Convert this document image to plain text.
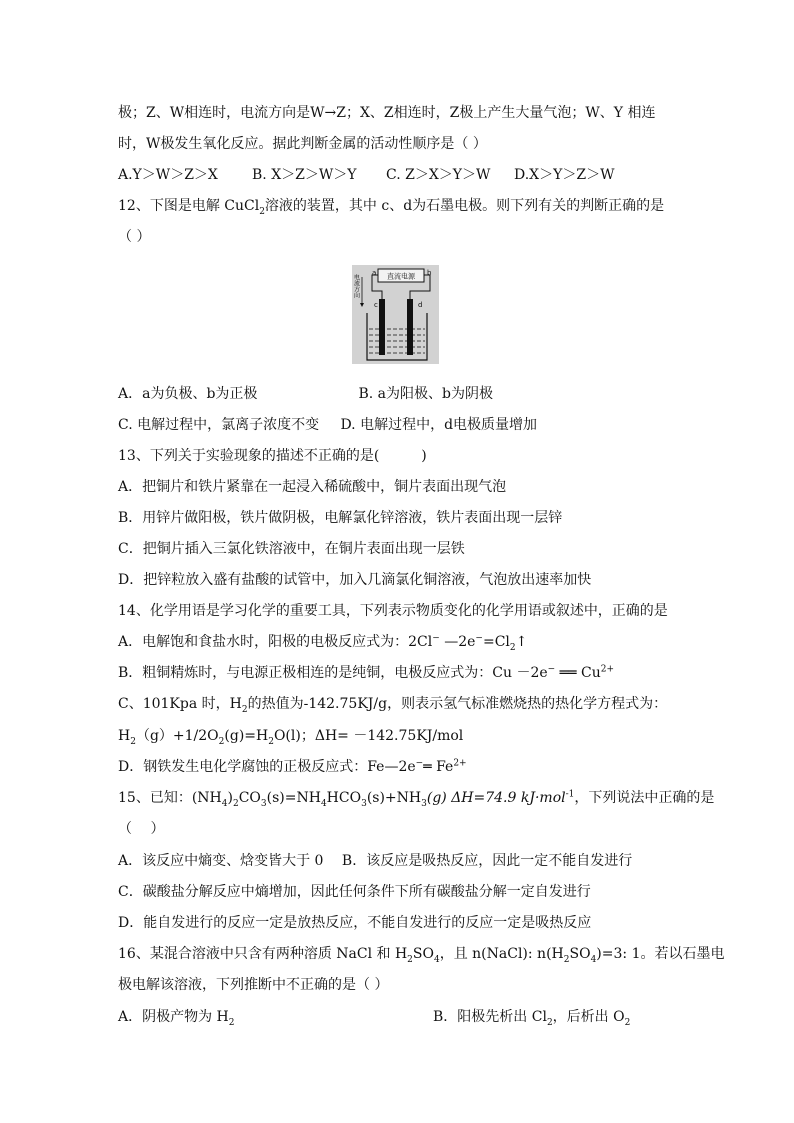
极；Z、W相连时，电流方向是W→Z；X、Z相连时，Z极上产生大量气泡；W、Y 相连
时，W极发生氧化反应。据此判断金属的活动性顺序是（ ）
A.Y＞W＞Z＞X	B. X＞Z＞W＞Y	C. Z＞X＞Y＞W	D.X＞Y＞Z＞W
12、下图是电解 CuCl$_2$溶液的装置，其中 c、d为石墨电极。则下列有关的判断正确的是
（ ）
电流方向	直流电源
a	b
c	d
A．a为负极、b为正极	B. a为阳极、b为阴极
C. 电解过程中，氯离子浓度不变 D. 电解过程中，d电极质量增加
13、下列关于实验现象的描述不正确的是(　　　)
A．把铜片和铁片紧靠在一起浸入稀硫酸中，铜片表面出现气泡
B．用锌片做阳极，铁片做阴极，电解氯化锌溶液，铁片表面出现一层锌
C．把铜片插入三氯化铁溶液中，在铜片表面出现一层铁
D．把锌粒放入盛有盐酸的试管中，加入几滴氯化铜溶液，气泡放出速率加快
14、化学用语是学习化学的重要工具，下列表示物质变化的化学用语或叙述中，正确的是
A．电解饱和食盐水时，阳极的电极反应式为：2Cl− $—2e^-=Cl_2↑$
B．粗铜精炼时，与电源正极相连的是纯铜，电极反应式为：Cu －2e− ══ $Cu^{2+}$
C、101Kpa 时，$H_2$的热值为-142.75KJ/g，则表示氢气标准燃烧热的热化学方程式为：
$H_2(g)+1/2O_2(g)=H_2O(l)$；ΔH= －142.75KJ/mol
D．钢铁发生电化学腐蚀的正极反应式：Fe—2e−═ $Fe^{2+}$
15、已知：$(NH_4)_2CO_3(s)=NH_4HCO_3(s)+NH_3(g)$ ΔH=74.9 kJ·mol$^{-1}$，下列说法中正确的是
（　 ）
A．该反应中熵变、焓变皆大于 0　 B．该反应是吸热反应，因此一定不能自发进行
C．碳酸盐分解反应中熵增加，因此任何条件下所有碳酸盐分解一定自发进行
D．能自发进行的反应一定是放热反应，不能自发进行的反应一定是吸热反应
16、某混合溶液中只含有两种溶质 NaCl 和 $H_2SO_4$，且 n(NaCl): $n(H_2SO_4)=3$: 1。若以石墨电
极电解该溶液，下列推断中不正确的是（ ）
A．阴极产物为 $H_2$	B．阳极先析出 $Cl_2$，后析出 $O_2$
